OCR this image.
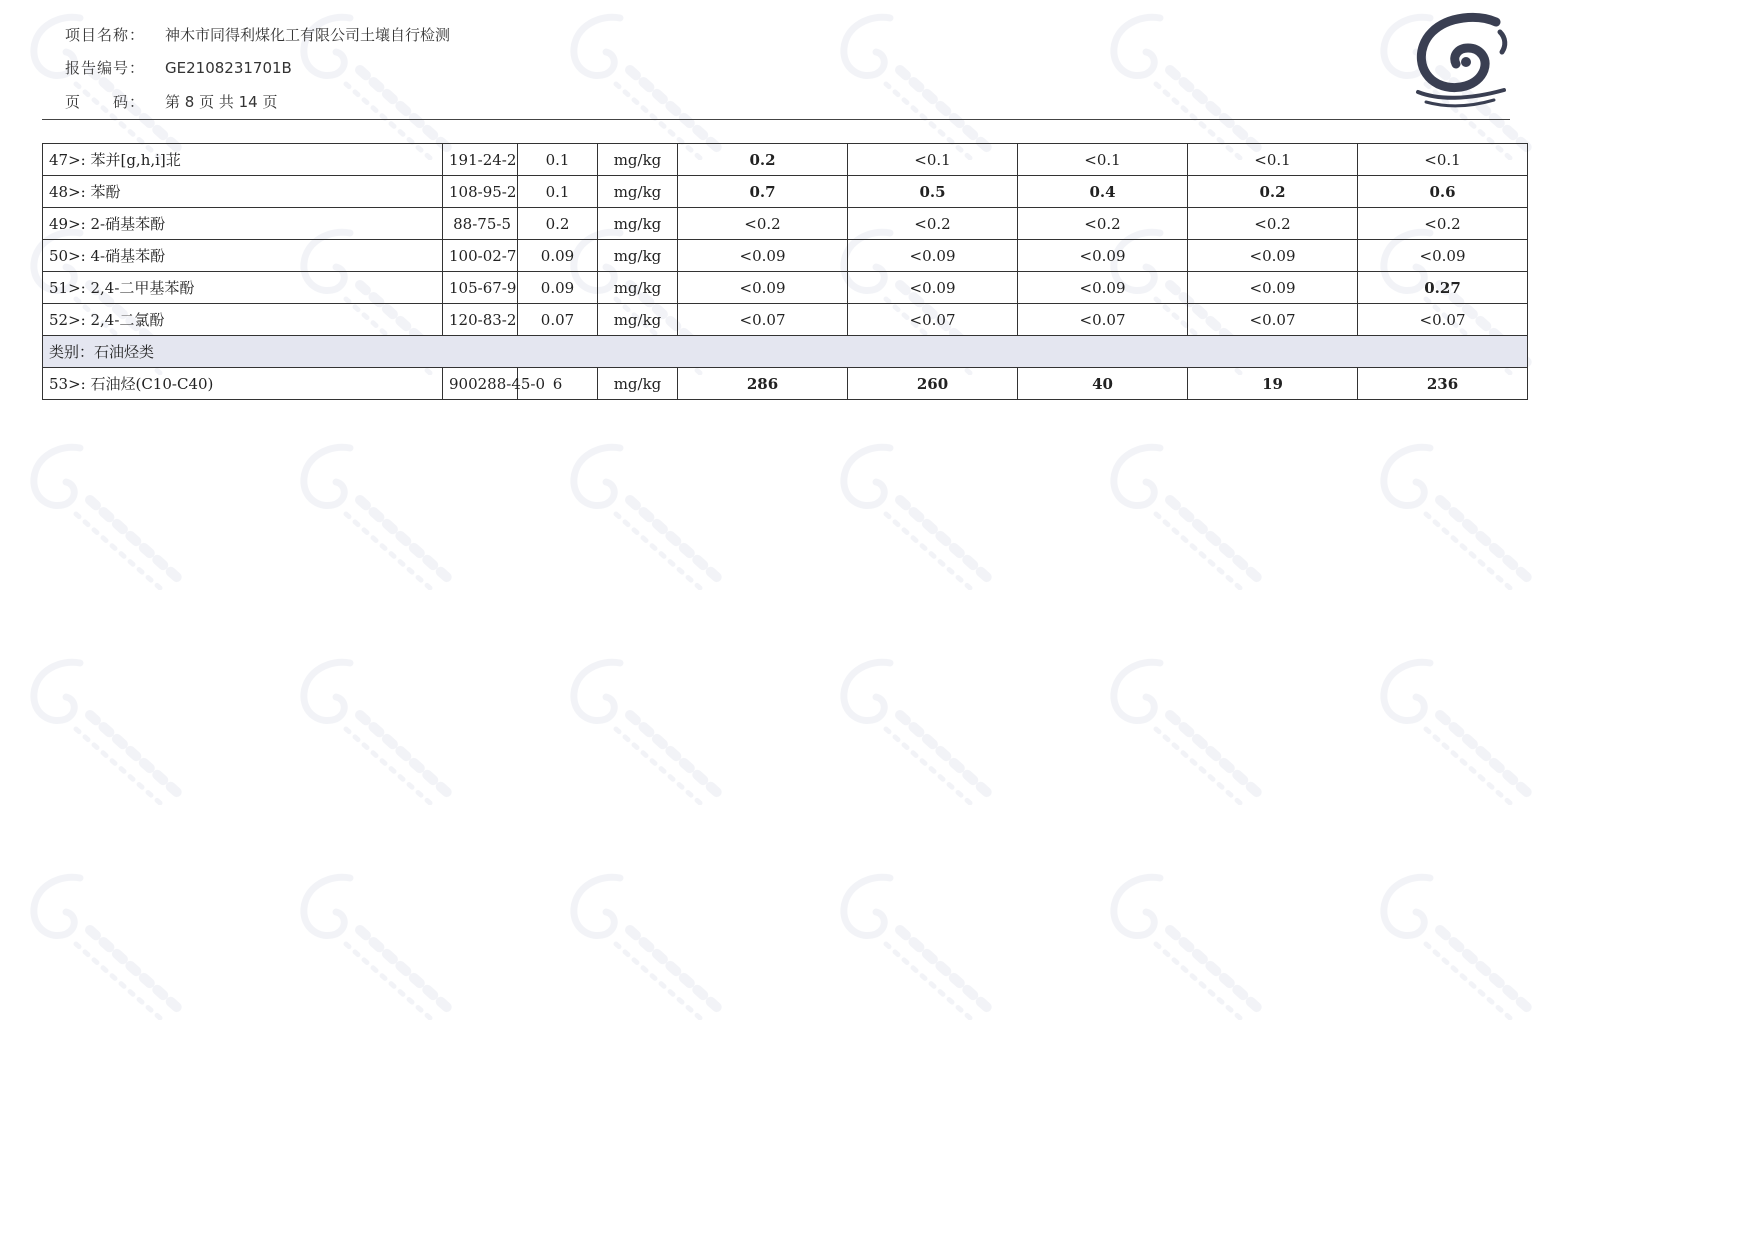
项目名称： 神木市同得利煤化工有限公司土壤自行检测
报告编号： GE2108231701B
页　　码： 第 8 页 共 14 页
47>: 苯并[g,h,i]苝	191-24-2	0.1	mg/kg	0.2	<0.1	<0.1	<0.1	<0.1
48>: 苯酚	108-95-2	0.1	mg/kg	0.7	0.5	0.4	0.2	0.6
49>: 2-硝基苯酚	88-75-5	0.2	mg/kg	<0.2	<0.2	<0.2	<0.2	<0.2
50>: 4-硝基苯酚	100-02-7	0.09	mg/kg	<0.09	<0.09	<0.09	<0.09	<0.09
51>: 2,4-二甲基苯酚	105-67-9	0.09	mg/kg	<0.09	<0.09	<0.09	<0.09	0.27
52>: 2,4-二氯酚	120-83-2	0.07	mg/kg	<0.07	<0.07	<0.07	<0.07	<0.07
类别：石油烃类								
53>: 石油烃(C10-C40)	900288-45-0	6	mg/kg	286	260	40	19	236
